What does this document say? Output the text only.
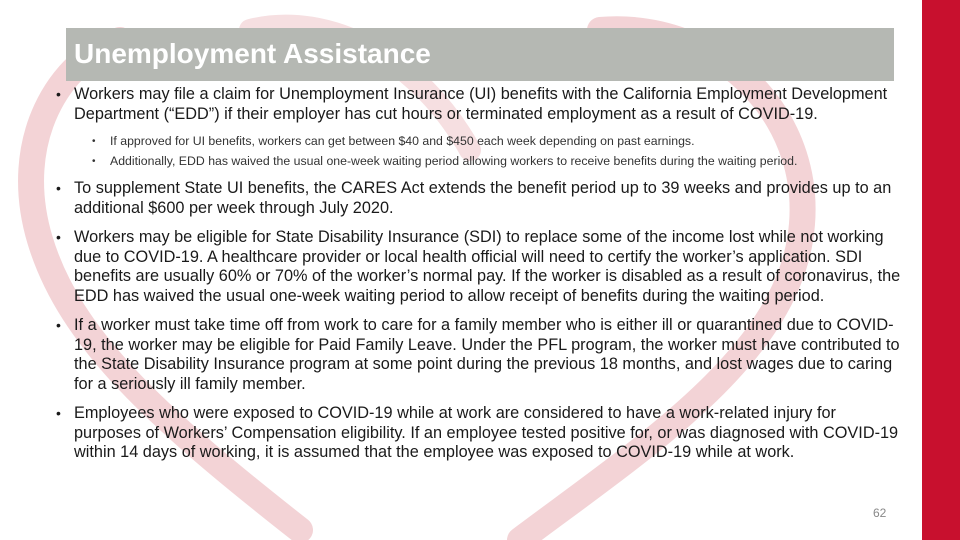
Unemployment Assistance
• Workers may file a claim for Unemployment Insurance (UI) benefits with the California Employment Development Department (“EDD”) if their employer has cut hours or terminated employment as a result of COVID-19.
• If approved for UI benefits, workers can get between $40 and $450 each week depending on past earnings.
• Additionally, EDD has waived the usual one-week waiting period allowing workers to receive benefits during the waiting period.
• To supplement State UI benefits, the CARES Act extends the benefit period up to 39 weeks and provides up to an additional $600 per week through July 2020.
• Workers may be eligible for State Disability Insurance (SDI) to replace some of the income lost while not working due to COVID-19. A healthcare provider or local health official will need to certify the worker’s application. SDI benefits are usually 60% or 70% of the worker’s normal pay. If the worker is disabled as a result of coronavirus, the EDD has waived the usual one-week waiting period to allow receipt of benefits during the waiting period.
• If a worker must take time off from work to care for a family member who is either ill or quarantined due to COVID-19, the worker may be eligible for Paid Family Leave. Under the PFL program, the worker must have contributed to the State Disability Insurance program at some point during the previous 18 months, and lost wages due to caring for a seriously ill family member.
• Employees who were exposed to COVID-19 while at work are considered to have a work-related injury for purposes of Workers’ Compensation eligibility. If an employee tested positive for, or was diagnosed with COVID-19 within 14 days of working, it is assumed that the employee was exposed to COVID-19 while at work.
62
